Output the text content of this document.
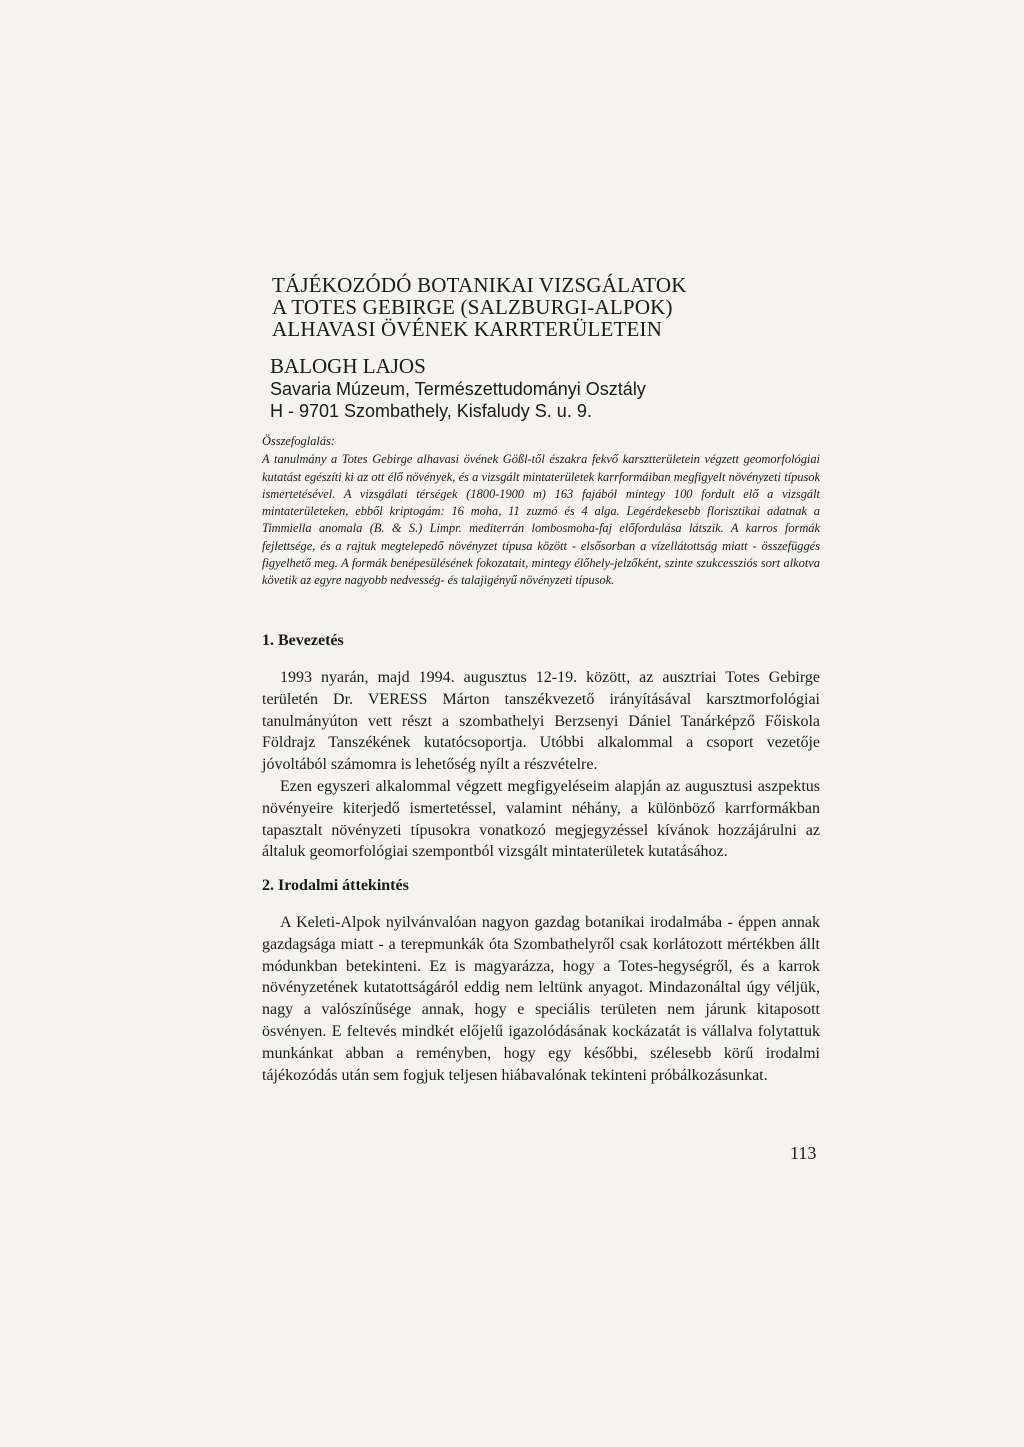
TÁJÉKOZÓDÓ BOTANIKAI VIZSGÁLATOK
A TOTES GEBIRGE (SALZBURGI-ALPOK)
ALHAVASI ÖVÉNEK KARRTERÜLETEIN
BALOGH LAJOS
Savaria Múzeum, Természettudományi Osztály
H - 9701 Szombathely, Kisfaludy S. u. 9.
Összefoglalás:
A tanulmány a Totes Gebirge alhavasi övének Gößl-től északra fekvő karsztterületein végzett geomorfológiai kutatást egészíti ki az ott élő növények, és a vizsgált mintaterületek karrformáiban megfigyelt növényzeti típusok ismertetésével. A vizsgálati térségek (1800-1900 m) 163 fajából mintegy 100 fordult elő a vizsgált mintaterületeken, ebből kriptogám: 16 moha, 11 zuzmó és 4 alga. Legérdekesebb florisztikai adatnak a Timmiella anomala (B. & S.) Limpr. mediterrán lombosmoha-faj előfordulása látszik. A karros formák fejlettsége, és a rajtuk megtelepedő növényzet típusa között - elsősorban a vízellátottság miatt - összefüggés figyelhető meg. A formák benépesülésének fokozatait, mintegy élőhely-jelzőként, szinte szukcessziós sort alkotva követik az egyre nagyobb nedvesség- és talajigényű növényzeti típusok.
1. Bevezetés

1993 nyarán, majd 1994. augusztus 12-19. között, az ausztriai Totes Gebirge területén Dr. VERESS Márton tanszékvezető irányításával karsztmorfológiai tanulmányúton vett részt a szombathelyi Berzsenyi Dániel Tanárképző Főiskola Földrajz Tanszékének kutatócsoportja. Utóbbi alkalommal a csoport vezetője jóvoltából számomra is lehetőség nyílt a részvételre.

Ezen egyszeri alkalommal végzett megfigyeléseim alapján az augusztusi aszpektus növényeire kiterjedő ismertetéssel, valamint néhány, a különböző karrformákban tapasztalt növényzeti típusokra vonatkozó megjegyzéssel kívánok hozzájárulni az általuk geomorfológiai szempontból vizsgált mintaterületek kutatásához.

2. Irodalmi áttekintés

A Keleti-Alpok nyilvánvalóan nagyon gazdag botanikai irodalmába - éppen annak gazdagsága miatt - a terepmunkák óta Szombathelyről csak korlátozott mértékben állt módunkban betekinteni. Ez is magyarázza, hogy a Totes-hegységről, és a karrok növényzetének kutatottságáról eddig nem leltünk anyagot. Mindazonáltal úgy véljük, nagy a valószínűsége annak, hogy e speciális területen nem járunk kitaposott ösvényen. E feltevés mindkét előjelű igazolódásának kockázatát is vállalva folytattuk munkánkat abban a reményben, hogy egy későbbi, szélesebb körű irodalmi tájékozódás után sem fogjuk teljesen hiábavalónak tekinteni próbálkozásunkat.

113
